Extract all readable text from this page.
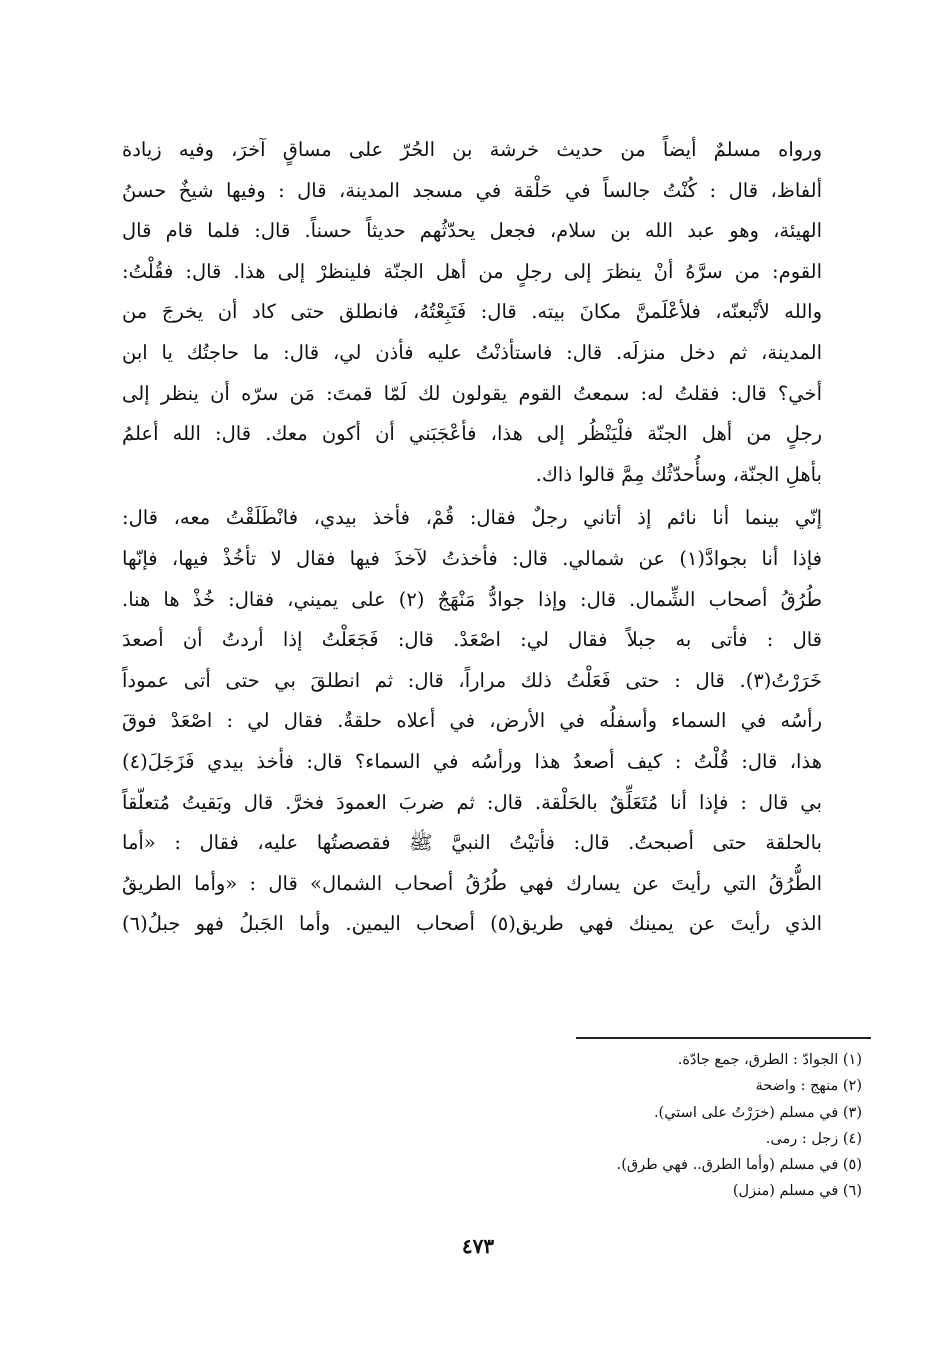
ورواه مسلمٌ أيضاً من حديث خرشة بن الحُرّ على مساقٍ آخرَ، وفيه زيادة
ألفاظ، قال : كُنْتُ جالساً في حَلْقة في مسجد المدينة، قال : وفيها شيخٌ حسنُ
الهيئة، وهو عبد الله بن سلام، فجعل يحدّثُهم حديثاً حسناً. قال: فلما قام قال
القوم: من سرَّهُ أنْ ينظرَ إلى رجلٍ من أهل الجنّة فلينظرْ إلى هذا. قال: فقُلْتُ:
والله لأتْبعنّه، فلأعْلَمنَّ مكانَ بيته. قال: فَتَبِعْتُهُ، فانطلق حتى كاد أن يخرجَ من
المدينة، ثم دخل منزلَه. قال: فاستأذنْتُ عليه فأذن لي، قال: ما حاجتُك يا ابن
أخي؟ قال: فقلتُ له: سمعتُ القوم يقولون لك لَمّا قمتَ: مَن سرّه أن ينظر إلى
رجلٍ من أهل الجنّة فلْيَنْظُر إلى هذا، فأعْجَبَني أن أكون معك. قال: الله أعلمُ
بأهلِ الجنّة، وسأُحدّثُك مِمَّ قالوا ذاك.
إنّي بينما أنا نائم إذ أتاني رجلٌ فقال: قُمْ، فأخذ بيدي، فانْطَلَقْتُ معه، قال:
فإذا أنا بجوادَّ(١) عن شمالي. قال: فأخذتُ لآخذَ فيها فقال لا تأخُذْ فيها، فإنّها
طُرُقُ أصحاب الشِّمال. قال: وإذا جوادُّ مَنْهَجٌ (٢) على يميني، فقال: خُذْ ها هنا.
قال : فأتى به جبلاً فقال لي: اصْعَدْ. قال: فَجَعَلْتُ إذا أردتُ أن أصعدَ
خَرَرْتُ(٣). قال : حتى فَعَلْتُ ذلك مراراً، قال: ثم انطلقَ بي حتى أتى عموداً
رأسُه في السماء وأسفلُه في الأرض، في أعلاه حلقةٌ. فقال لي : اصْعَدْ فوقَ
هذا، قال: قُلْتُ : كيف أصعدُ هذا ورأسُه في السماء؟ قال: فأخذ بيدي فَزَجَلَ(٤)
بي قال : فإذا أنا مُتَعَلِّقٌ بالحَلْقة. قال: ثم ضربَ العمودَ فخرَّ. قال وبَقيتُ مُتعلّقاً
بالحلقة حتى أصبحتُ. قال: فأتيْتُ النبيَّ ﷺ فقصصتُها عليه، فقال : «أما
الطُّرُقُ التي رأيتَ عن يسارك فهي طُرُقُ أصحاب الشمال» قال : «وأما الطريقُ
الذي رأيتَ عن يمينك فهي طريق(٥) أصحاب اليمين. وأما الجَبلُ فهو جبلُ(٦)
(١) الجوادّ : الطرق، جمع جادّة.
(٢) منهج : واضحة
(٣) في مسلم (خرَرْتُ على استي).
(٤) زجل : رمى.
(٥) في مسلم (وأما الطرق.. فهي طرق).
(٦) في مسلم (منزل)
٤٧٣
